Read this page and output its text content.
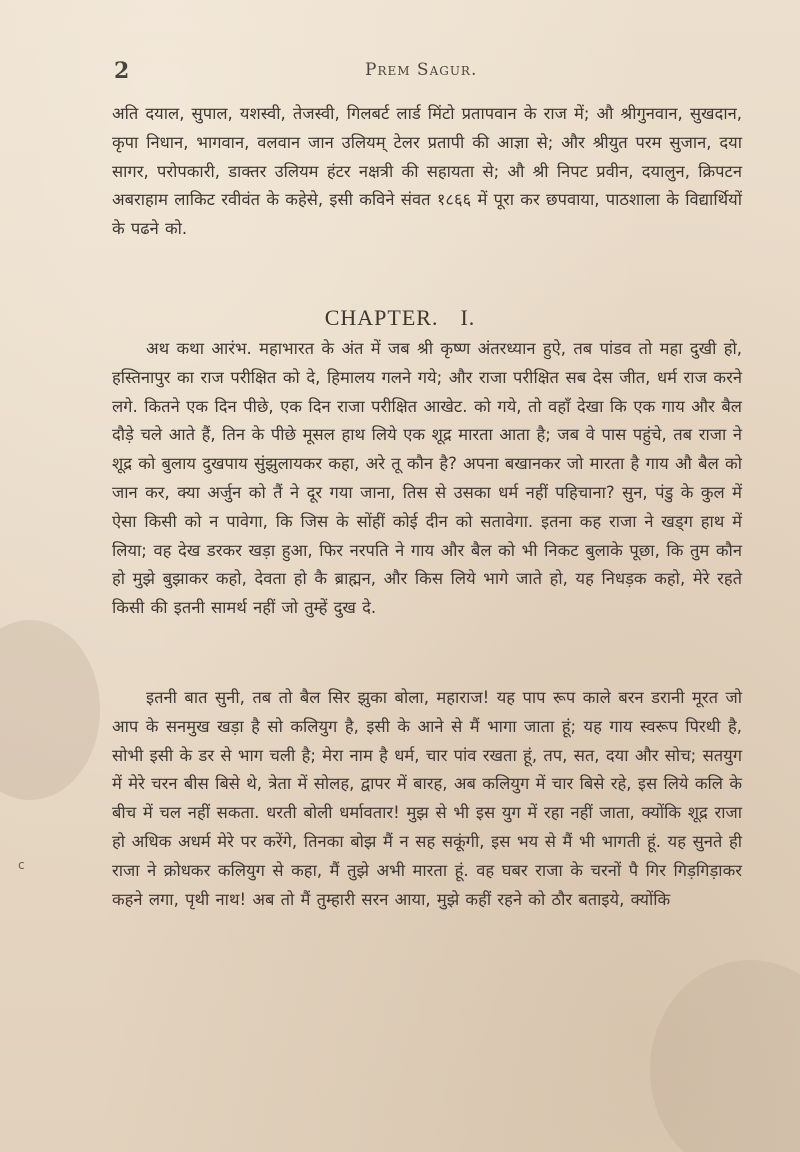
2	Prem Sagur.

अति दयाल, सुपाल, यशस्वी, तेजस्वी, गिलबर्ट लार्ड मिंटो प्रतापवान के राज में; औ श्रीगुनवान, सुखदान, कृपा निधान, भागवान, वलवान जान उलियम् टेलर प्रतापी की आज्ञा से; और श्रीयुत परम सुजान, दया सागर, परोपकारी, डाक्तर उलियम हंटर नक्षत्री की सहायता से; औ श्री निपट प्रवीन, दयालुन, क्रिपटन अबराहाम लाकिट रवीवंत के कहेसे, इसी कविने संवत १८६६ में पूरा कर छपवाया, पाठशाला के विद्यार्थियों के पढने को.

CHAPTER. I.

अथ कथा आरंभ. महाभारत के अंत में जब श्री कृष्ण अंतरध्यान हुऐ, तब पांडव तो महा दुखी हो, हस्तिनापुर का राज परीक्षित को दे, हिमालय गलने गये; और राजा परीक्षित सब देस जीत, धर्म राज करने लगे. कितने एक दिन पीछे, एक दिन राजा परीक्षित आखेट. को गये, तो वहाँ देखा कि एक गाय और बैल दौड़े चले आते हैं, तिन के पीछे मूसल हाथ लिये एक शूद्र मारता आता है; जब वे पास पहुंचे, तब राजा ने शूद्र को बुलाय दुखपाय सुंझुलायकर कहा, अरे तू कौन है? अपना बखानकर जो मारता है गाय औ बैल को जान कर, क्या अर्जुन को तैं ने दूर गया जाना, तिस से उसका धर्म नहीं पहिचाना? सुन, पंडु के कुल में ऐसा किसी को न पावेगा, कि जिस के सोंहीं कोई दीन को सतावेगा. इतना कह राजा ने खड्ग हाथ में लिया; वह देख डरकर खड़ा हुआ, फिर नरपति ने गाय और बैल को भी निकट बुलाके पूछा, कि तुम कौन हो मुझे बुझाकर कहो, देवता हो कै ब्राह्मन, और किस लिये भागे जाते हो, यह निधड़क कहो, मेरे रहते किसी की इतनी सामर्थ नहीं जो तुम्हें दुख दे.

इतनी बात सुनी, तब तो बैल सिर झुका बोला, महाराज! यह पाप रूप काले बरन डरानी मूरत जो आप के सनमुख खड़ा है सो कलियुग है, इसी के आने से मैं भागा जाता हूं; यह गाय स्वरूप पिरथी है, सोभी इसी के डर से भाग चली है; मेरा नाम है धर्म, चार पांव रखता हूं, तप, सत, दया और सोच; सतयुग में मेरे चरन बीस बिसे थे, त्रेता में सोलह, द्वापर में बारह, अब कलियुग में चार बिसे रहे, इस लिये कलि के बीच में चल नहीं सकता. धरती बोली धर्मावतार! मुझ से भी इस युग में रहा नहीं जाता, क्योंकि शूद्र राजा हो अधिक अधर्म मेरे पर करेंगे, तिनका बोझ मैं न सह सकूंगी, इस भय से मैं भी भागती हूं. यह सुनते ही राजा ने क्रोधकर कलियुग से कहा, मैं तुझे अभी मारता हूं. वह घबर राजा के चरनों पै गिर गिड़गिड़ाकर कहने लगा, पृथी नाथ! अब तो मैं तुम्हारी सरन आया, मुझे कहीं रहने को ठौर बताइये, क्योंकि

c
